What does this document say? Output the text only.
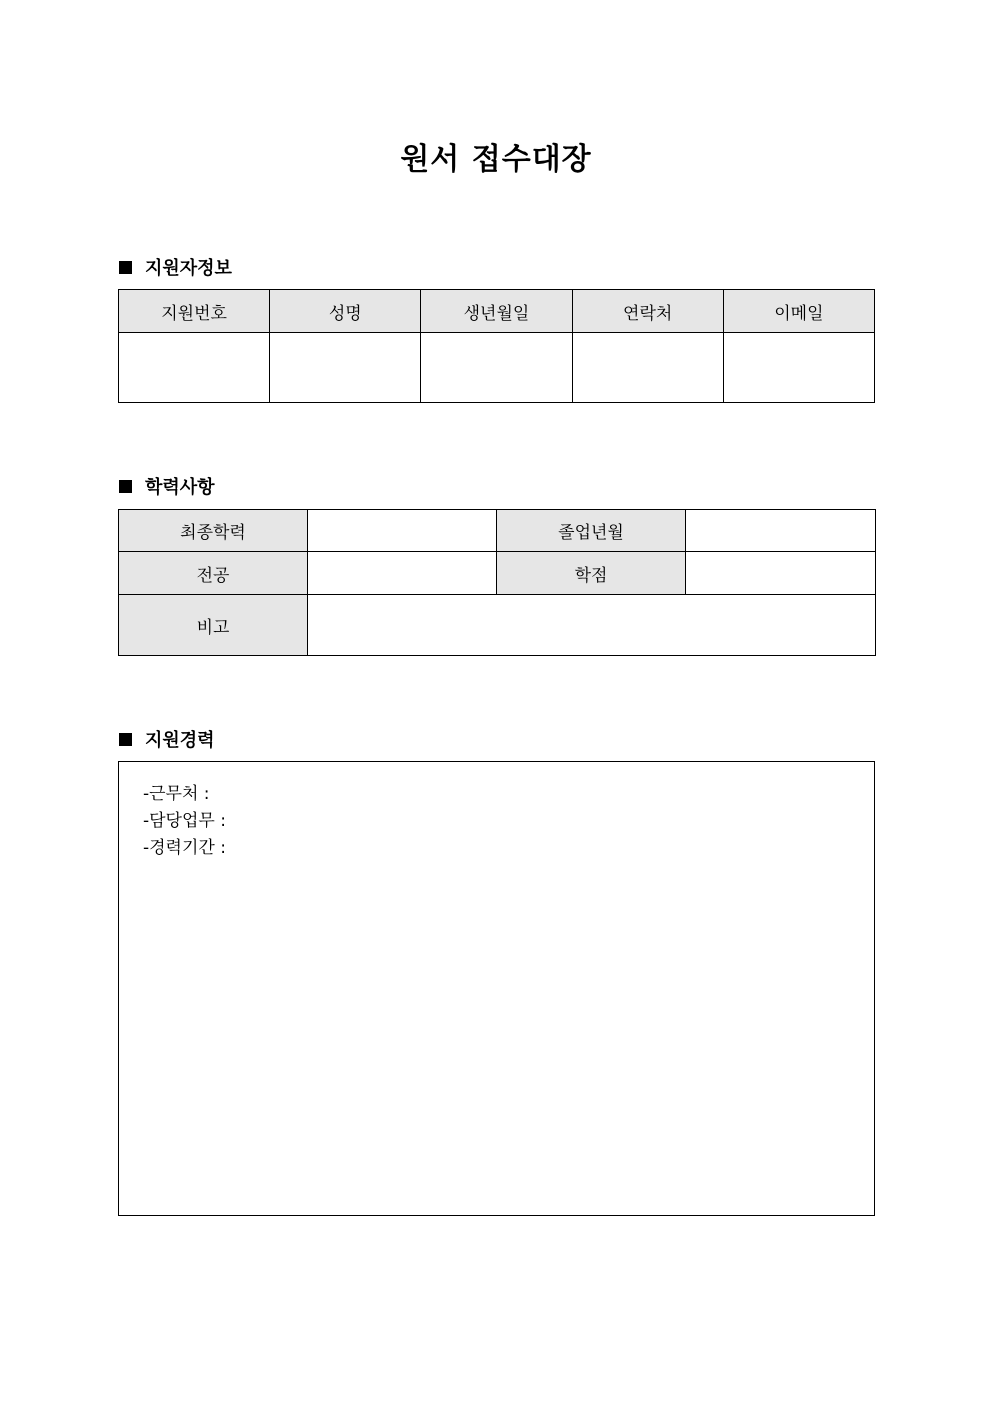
원서 접수대장
지원자정보
지원번호	성명	생년월일	연락처	이메일

학력사항
최종학력		졸업년월	
전공		학점	
비고			
지원경력
-근무처 :
-담당업무 :
-경력기간 :
